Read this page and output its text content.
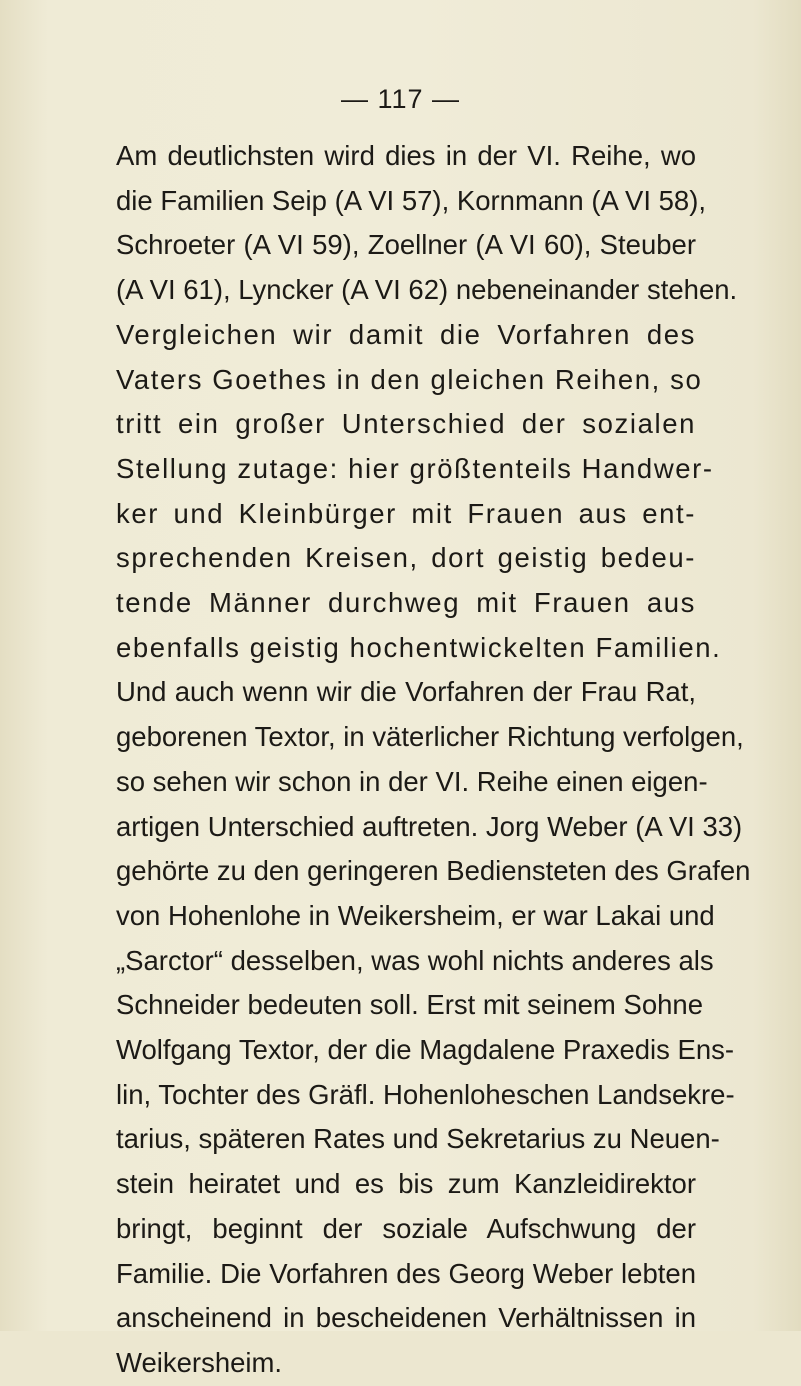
— 117 —
Am deutlichsten wird dies in der VI. Reihe, wo
die Familien Seip (A VI 57), Kornmann (A VI 58),
Schroeter (A VI 59), Zoellner (A VI 60), Steuber
(A VI 61), Lyncker (A VI 62) nebeneinander stehen.
Vergleichen wir damit die Vorfahren des
Vaters Goethes in den gleichen Reihen, so
tritt ein großer Unterschied der sozialen
Stellung zutage: hier größtenteils Handwer-
ker und Kleinbürger mit Frauen aus ent-
sprechenden Kreisen, dort geistig bedeu-
tende Männer durchweg mit Frauen aus
ebenfalls geistig hochentwickelten Familien.
Und auch wenn wir die Vorfahren der Frau Rat,
geborenen Textor, in väterlicher Richtung verfolgen,
so sehen wir schon in der VI. Reihe einen eigen-
artigen Unterschied auftreten. Jorg Weber (A VI 33)
gehörte zu den geringeren Bediensteten des Grafen
von Hohenlohe in Weikersheim, er war Lakai und
„Sarctor“ desselben, was wohl nichts anderes als
Schneider bedeuten soll. Erst mit seinem Sohne
Wolfgang Textor, der die Magdalene Praxedis Ens-
lin, Tochter des Gräfl. Hohenloheschen Landsekre-
tarius, späteren Rates und Sekretarius zu Neuen-
stein heiratet und es bis zum Kanzleidirektor
bringt, beginnt der soziale Aufschwung der
Familie. Die Vorfahren des Georg Weber lebten
anscheinend in bescheidenen Verhältnissen in
Weikersheim.
